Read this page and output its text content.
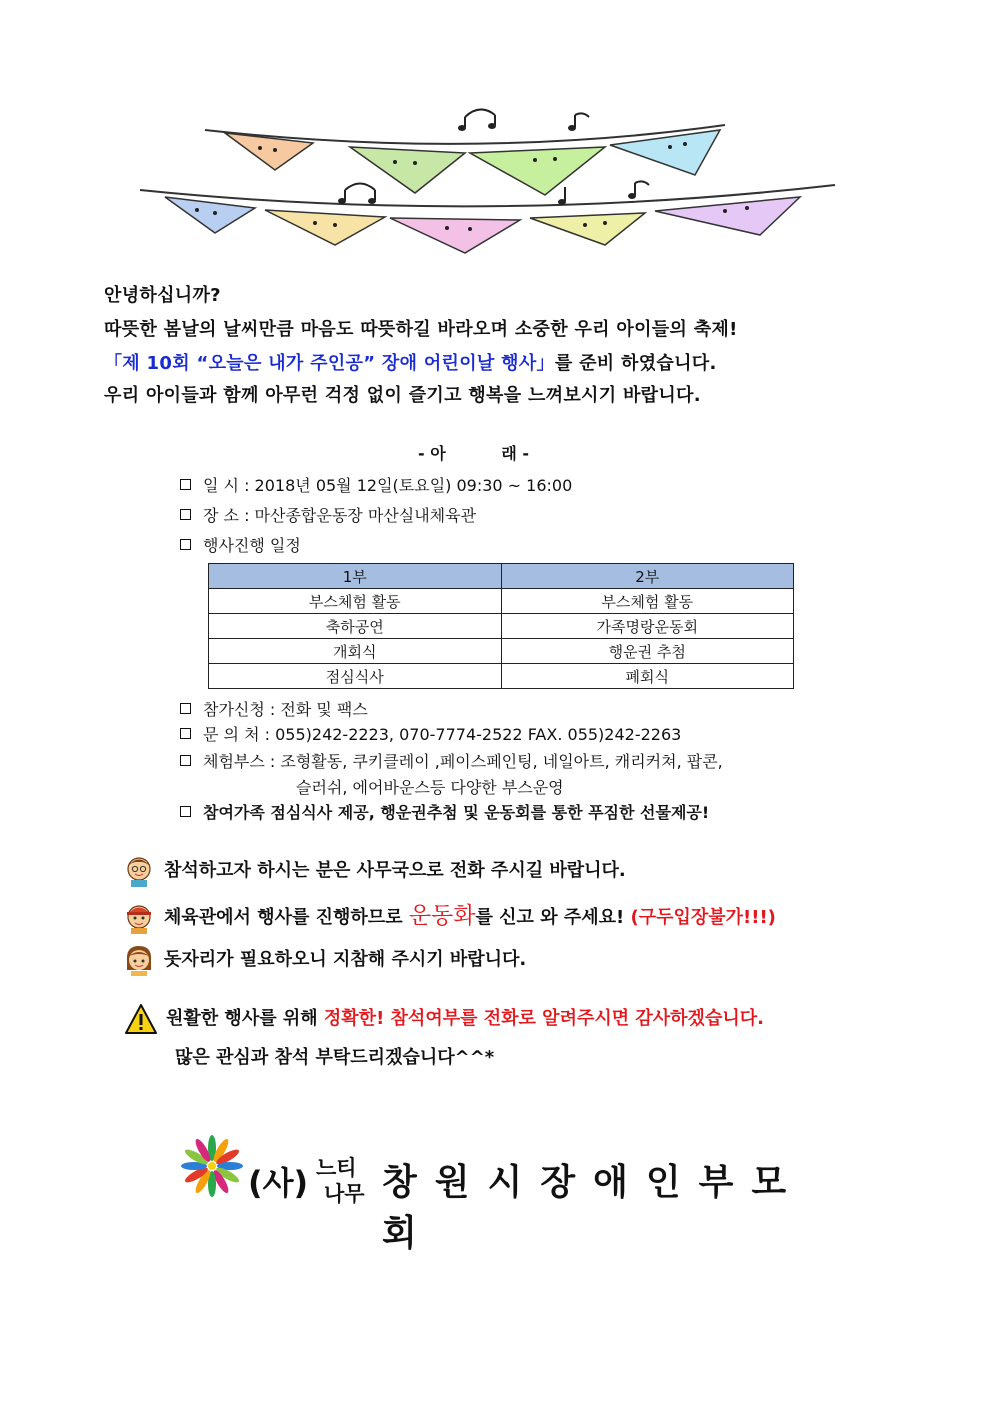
안녕하십니까?
따뜻한 봄날의 날씨만큼 마음도 따뜻하길 바라오며 소중한 우리 아이들의 축제!
「제 10회 “오늘은 내가 주인공” 장애 어린이날 행사」를 준비 하였습니다.
우리 아이들과 함께 아무런 걱정 없이 즐기고 행복을 느껴보시기 바랍니다.
- 아          래 -
일 시 : 2018년 05월 12일(토요일) 09:30 ~ 16:00
장 소 : 마산종합운동장 마산실내체육관
행사진행 일정
1부	2부
부스체험 활동	부스체험 활동
축하공연	가족명랑운동회
개회식	행운권 추첨
점심식사	폐회식
참가신청 : 전화 및 팩스
문 의 처 : 055)242-2223, 070-7774-2522 FAX. 055)242-2263
체험부스 : 조형활동, 쿠키클레이 ,페이스페인팅, 네일아트, 캐리커쳐, 팝콘,
슬러쉬, 에어바운스등 다양한 부스운영
참여가족 점심식사 제공, 행운권추첨 및 운동회를 통한 푸짐한 선물제공!
참석하고자 하시는 분은 사무국으로 전화 주시길 바랍니다.
체육관에서 행사를 진행하므로 운동화를 신고 와 주세요! (구두입장불가!!!)
돗자리가 필요하오니 지참해 주시기 바랍니다.
원활한 행사를 위해 정확한! 참석여부를 전화로 알려주시면 감사하겠습니다.
많은 관심과 참석 부탁드리겠습니다^^*
(사) 느티
나무 창원시장애인부모회
